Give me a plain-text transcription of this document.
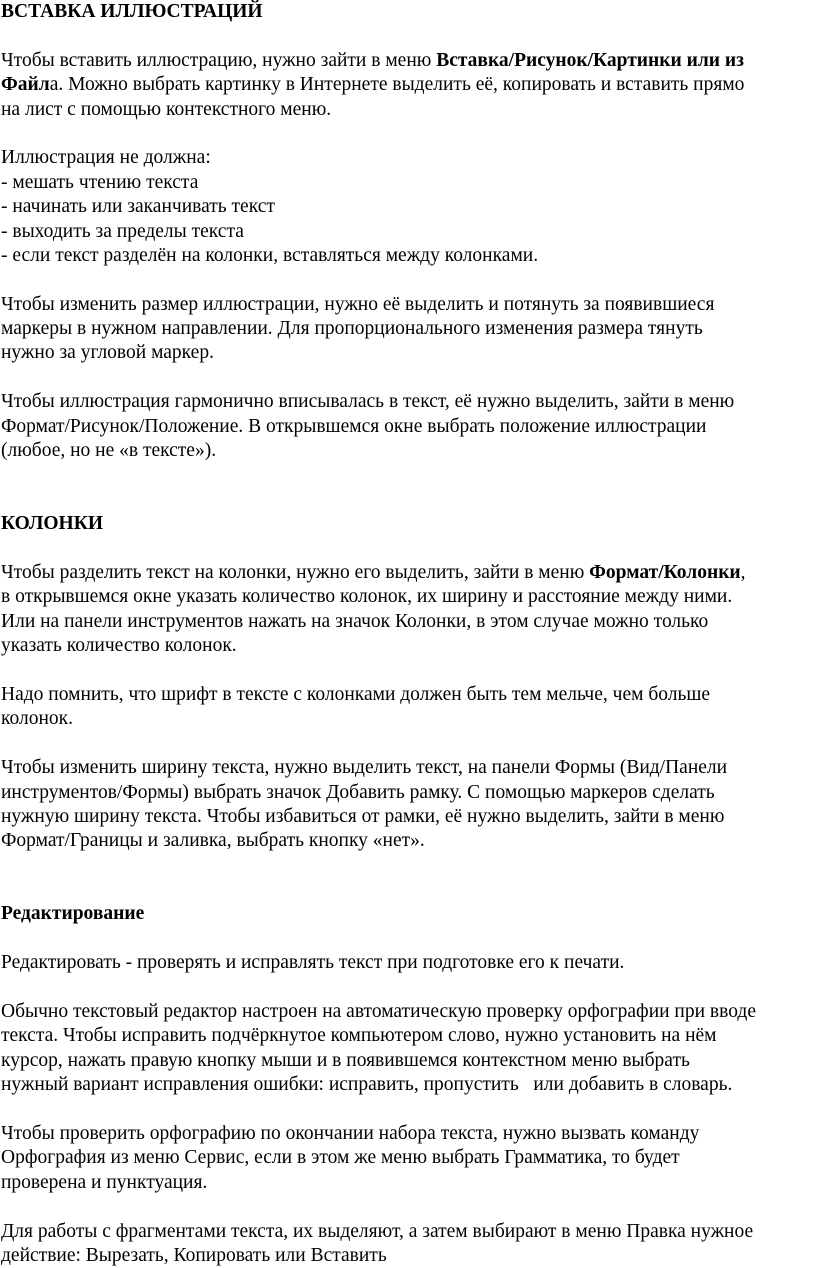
ВСТАВКА ИЛЛЮСТРАЦИЙ
Чтобы вставить иллюстрацию, нужно зайти в меню Вставка/Рисунок/Картинки или из
Файла. Можно выбрать картинку в Интернете выделить её, копировать и вставить прямо
на лист с помощью контекстного меню.
Иллюстрация не должна:
- мешать чтению текста
- начинать или заканчивать текст
- выходить за пределы текста
- если текст разделён на колонки, вставляться между колонками.
Чтобы изменить размер иллюстрации, нужно её выделить и потянуть за появившиеся
маркеры в нужном направлении. Для пропорционального изменения размера тянуть
нужно за угловой маркер.
Чтобы иллюстрация гармонично вписывалась в текст, её нужно выделить, зайти в меню
Формат/Рисунок/Положение. В открывшемся окне выбрать положение иллюстрации
(любое, но не «в тексте»).
КОЛОНКИ
Чтобы разделить текст на колонки, нужно его выделить, зайти в меню Формат/Колонки,
в открывшемся окне указать количество колонок, их ширину и расстояние между ними.
Или на панели инструментов нажать на значок Колонки, в этом случае можно только
указать количество колонок.
Надо помнить, что шрифт в тексте с колонками должен быть тем мельче, чем больше
колонок.
Чтобы изменить ширину текста, нужно выделить текст, на панели Формы (Вид/Панели
инструментов/Формы) выбрать значок Добавить рамку. С помощью маркеров сделать
нужную ширину текста. Чтобы избавиться от рамки, её нужно выделить, зайти в меню
Формат/Границы и заливка, выбрать кнопку «нет».
Редактирование
Редактировать - проверять и исправлять текст при подготовке его к печати.
Обычно текстовый редактор настроен на автоматическую проверку орфографии при вводе
текста. Чтобы исправить подчёркнутое компьютером слово, нужно установить на нём
курсор, нажать правую кнопку мыши и в появившемся контекстном меню выбрать
нужный вариант исправления ошибки: исправить, пропустить   или добавить в словарь.
Чтобы проверить орфографию по окончании набора текста, нужно вызвать команду
Орфография из меню Сервис, если в этом же меню выбрать Грамматика, то будет
проверена и пунктуация.
Для работы с фрагментами текста, их выделяют, а затем выбирают в меню Правка нужное
действие: Вырезать, Копировать или Вставить
